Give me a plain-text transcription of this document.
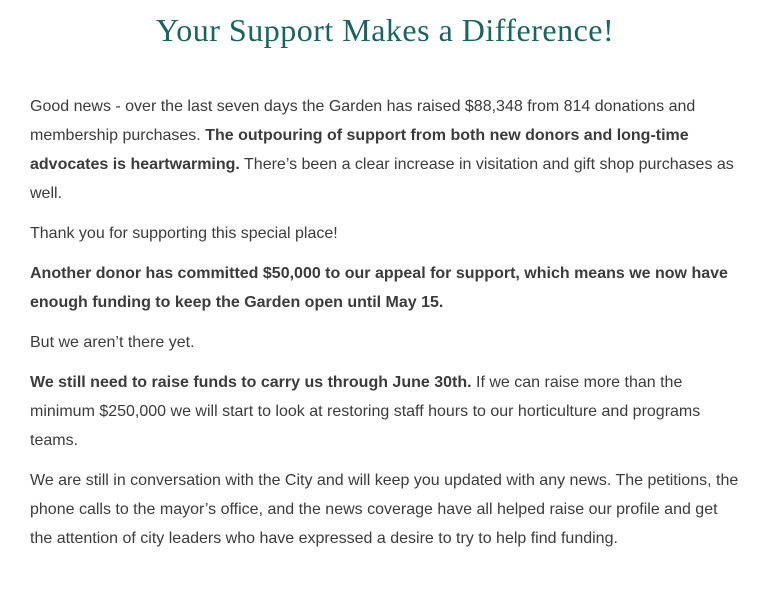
Your Support Makes a Difference!

Good news - over the last seven days the Garden has raised $88,348 from 814 donations and membership purchases. The outpouring of support from both new donors and long-time advocates is heartwarming. There’s been a clear increase in visitation and gift shop purchases as well.

Thank you for supporting this special place!

Another donor has committed $50,000 to our appeal for support, which means we now have enough funding to keep the Garden open until May 15.

But we aren’t there yet.

We still need to raise funds to carry us through June 30th. If we can raise more than the minimum $250,000 we will start to look at restoring staff hours to our horticulture and programs teams.

We are still in conversation with the City and will keep you updated with any news. The petitions, the phone calls to the mayor’s office, and the news coverage have all helped raise our profile and get the attention of city leaders who have expressed a desire to try to help find funding.
